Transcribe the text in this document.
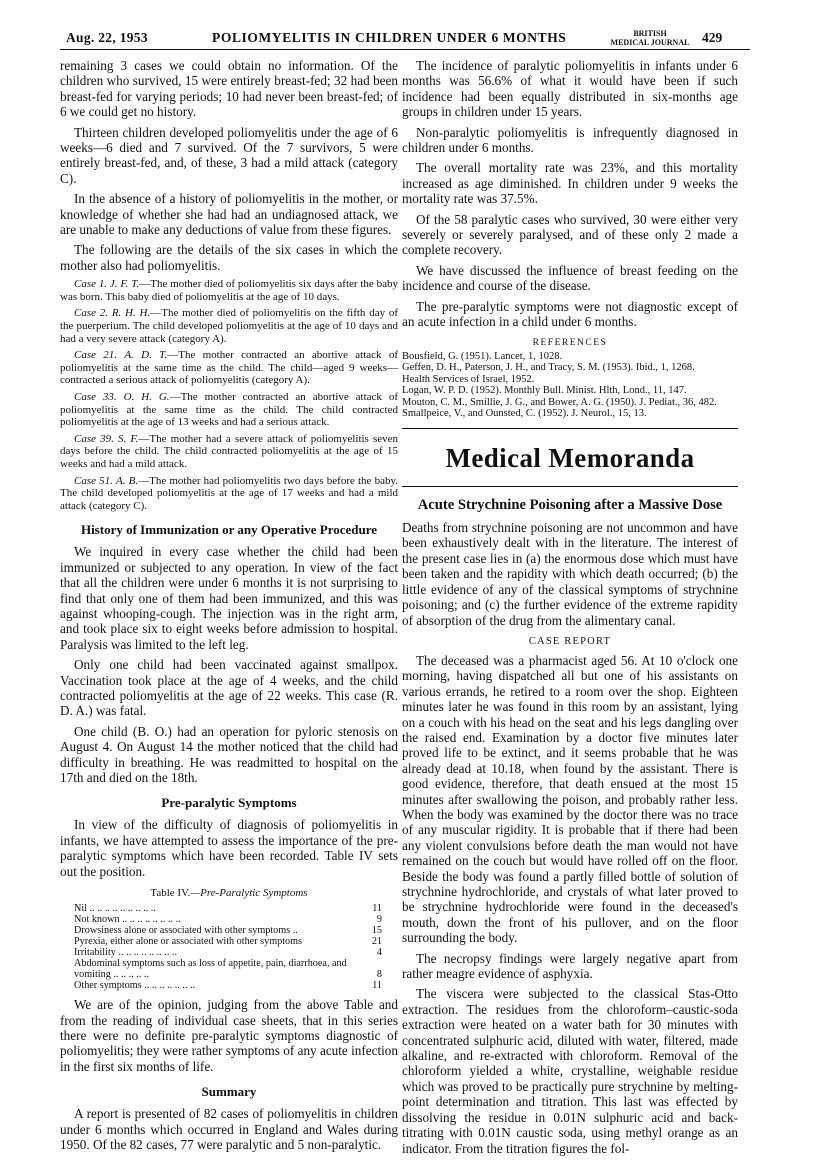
Aug. 22, 1953	POLIOMYELITIS IN CHILDREN UNDER 6 MONTHS	BRITISH
MEDICAL JOURNAL 429

remaining 3 cases we could obtain no information. Of the children who survived, 15 were entirely breast-fed; 32 had been breast-fed for varying periods; 10 had never been breast-fed; of 6 we could get no history.

Thirteen children developed poliomyelitis under the age of 6 weeks—6 died and 7 survived. Of the 7 survivors, 5 were entirely breast-fed, and, of these, 3 had a mild attack (category C).

In the absence of a history of poliomyelitis in the mother, or knowledge of whether she had had an undiagnosed attack, we are unable to make any deductions of value from these figures.

The following are the details of the six cases in which the mother also had poliomyelitis.

Case 1. J. F. T.—The mother died of poliomyelitis six days after the baby was born. This baby died of poliomyelitis at the age of 10 days.

Case 2. R. H. H.—The mother died of poliomyelitis on the fifth day of the puerperium. The child developed poliomyelitis at the age of 10 days and had a very severe attack (category A).

Case 21. A. D. T.—The mother contracted an abortive attack of poliomyelitis at the same time as the child. The child—aged 9 weeks—contracted a serious attack of poliomyelitis (category A).

Case 33. O. H. G.—The mother contracted an abortive attack of poliomyelitis at the same time as the child. The child contracted poliomyelitis at the age of 13 weeks and had a serious attack.

Case 39. S. F.—The mother had a severe attack of poliomyelitis seven days before the child. The child contracted poliomyelitis at the age of 15 weeks and had a mild attack.

Case 51. A. B.—The mother had poliomyelitis two days before the baby. The child developed poliomyelitis at the age of 17 weeks and had a mild attack (category C).

History of Immunization or any Operative Procedure

We inquired in every case whether the child had been immunized or subjected to any operation. In view of the fact that all the children were under 6 months it is not surprising to find that only one of them had been immunized, and this was against whooping-cough. The injection was in the right arm, and took place six to eight weeks before admission to hospital. Paralysis was limited to the left leg.

Only one child had been vaccinated against smallpox. Vaccination took place at the age of 4 weeks, and the child contracted poliomyelitis at the age of 22 weeks. This case (R. D. A.) was fatal.

One child (B. O.) had an operation for pyloric stenosis on August 4. On August 14 the mother noticed that the child had difficulty in breathing. He was readmitted to hospital on the 17th and died on the 18th.

Pre-paralytic Symptoms

In view of the difficulty of diagnosis of poliomyelitis in infants, we have attempted to assess the importance of the pre-paralytic symptoms which have been recorded. Table IV sets out the position.

Table IV.—Pre-Paralytic Symptoms
Nil .. .. .. .. .. .. .. .. ..	11
Not known .. .. .. .. .. .. .. ..	9
Drowsiness alone or associated with other symptoms ..	15
Pyrexia, either alone or associated with other symptoms	21
Irritability .. .. .. .. .. .. .. ..	4
Abdominal symptoms such as loss of appetite, pain, diarrhoea, and vomiting .. .. .. .. ..	8
Other symptoms .. .. .. .. .. .. ..	11

We are of the opinion, judging from the above Table and from the reading of individual case sheets, that in this series there were no definite pre-paralytic symptoms diagnostic of poliomyelitis; they were rather symptoms of any acute infection in the first six months of life.

Summary

A report is presented of 82 cases of poliomyelitis in children under 6 months which occurred in England and Wales during 1950. Of the 82 cases, 77 were paralytic and 5 non-paralytic.

The incidence of paralytic poliomyelitis in infants under 6 months was 56.6% of what it would have been if such incidence had been equally distributed in six-months age groups in children under 15 years.

Non-paralytic poliomyelitis is infrequently diagnosed in children under 6 months.

The overall mortality rate was 23%, and this mortality increased as age diminished. In children under 9 weeks the mortality rate was 37.5%.

Of the 58 paralytic cases who survived, 30 were either very severely or severely paralysed, and of these only 2 made a complete recovery.

We have discussed the influence of breast feeding on the incidence and course of the disease.

The pre-paralytic symptoms were not diagnostic except of an acute infection in a child under 6 months.

REFERENCES

Bousfield, G. (1951). Lancet, 1, 1028.

Geffen, D. H., Paterson, J. H., and Tracy, S. M. (1953). Ibid., 1, 1268.

Health Services of Israel, 1952.

Logan, W. P. D. (1952). Monthly Bull. Minist. Hlth, Lond., 11, 147.

Mouton, C. M., Smillie, J. G., and Bower, A. G. (1950). J. Pediat., 36, 482.

Smallpeice, V., and Ounsted, C. (1952). J. Neurol., 15, 13.

Medical Memoranda
Acute Strychnine Poisoning after a Massive Dose

Deaths from strychnine poisoning are not uncommon and have been exhaustively dealt with in the literature. The interest of the present case lies in (a) the enormous dose which must have been taken and the rapidity with which death occurred; (b) the little evidence of any of the classical symptoms of strychnine poisoning; and (c) the further evidence of the extreme rapidity of absorption of the drug from the alimentary canal.

CASE REPORT

The deceased was a pharmacist aged 56. At 10 o'clock one morning, having dispatched all but one of his assistants on various errands, he retired to a room over the shop. Eighteen minutes later he was found in this room by an assistant, lying on a couch with his head on the seat and his legs dangling over the raised end. Examination by a doctor five minutes later proved life to be extinct, and it seems probable that he was already dead at 10.18, when found by the assistant. There is good evidence, therefore, that death ensued at the most 15 minutes after swallowing the poison, and probably rather less. When the body was examined by the doctor there was no trace of any muscular rigidity. It is probable that if there had been any violent convulsions before death the man would not have remained on the couch but would have rolled off on the floor. Beside the body was found a partly filled bottle of solution of strychnine hydrochloride, and crystals of what later proved to be strychnine hydrochloride were found in the deceased's mouth, down the front of his pullover, and on the floor surrounding the body.

The necropsy findings were largely negative apart from rather meagre evidence of asphyxia.

The viscera were subjected to the classical Stas-Otto extraction. The residues from the chloroform–caustic-soda extraction were heated on a water bath for 30 minutes with concentrated sulphuric acid, diluted with water, filtered, made alkaline, and re-extracted with chloroform. Removal of the chloroform yielded a white, crystalline, weighable residue which was proved to be practically pure strychnine by melting-point determination and titration. This last was effected by dissolving the residue in 0.01N sulphuric acid and back-titrating with 0.01N caustic soda, using methyl orange as an indicator. From the titration figures the fol-
